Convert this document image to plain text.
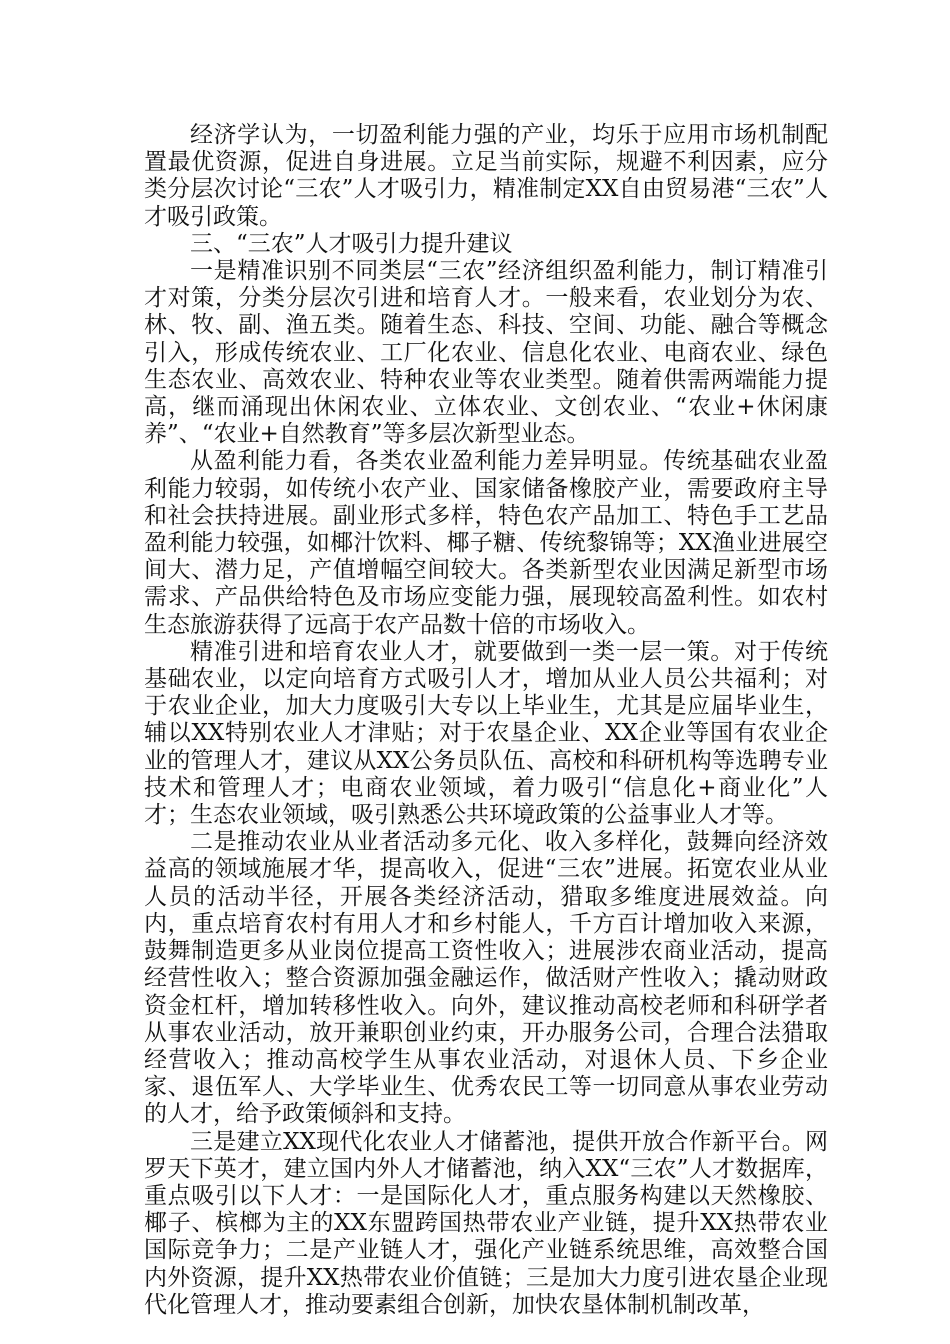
经济学认为，一切盈利能力强的产业，均乐于应用市场机制配置最优资源，促进自身进展。立足当前实际，规避不利因素，应分类分层次讨论“三农”人才吸引力，精准制定XX自由贸易港“三农”人才吸引政策。

三、“三农”人才吸引力提升建议

一是精准识别不同类层“三农”经济组织盈利能力，制订精准引才对策，分类分层次引进和培育人才。一般来看，农业划分为农、林、牧、副、渔五类。随着生态、科技、空间、功能、融合等概念引入，形成传统农业、工厂化农业、信息化农业、电商农业、绿色生态农业、高效农业、特种农业等农业类型。随着供需两端能力提高，继而涌现出休闲农业、立体农业、文创农业、“农业+休闲康养”、“农业+自然教育”等多层次新型业态。

从盈利能力看，各类农业盈利能力差异明显。传统基础农业盈利能力较弱，如传统小农产业、国家储备橡胶产业，需要政府主导和社会扶持进展。副业形式多样，特色农产品加工、特色手工艺品盈利能力较强，如椰汁饮料、椰子糖、传统黎锦等；XX渔业进展空间大、潜力足，产值增幅空间较大。各类新型农业因满足新型市场需求、产品供给特色及市场应变能力强，展现较高盈利性。如农村生态旅游获得了远高于农产品数十倍的市场收入。

精准引进和培育农业人才，就要做到一类一层一策。对于传统基础农业，以定向培育方式吸引人才，增加从业人员公共福利；对于农业企业，加大力度吸引大专以上毕业生，尤其是应届毕业生，辅以XX特别农业人才津贴；对于农垦企业、XX企业等国有农业企业的管理人才，建议从XX公务员队伍、高校和科研机构等选聘专业技术和管理人才；电商农业领域，着力吸引“信息化+商业化”人才；生态农业领域，吸引熟悉公共环境政策的公益事业人才等。

二是推动农业从业者活动多元化、收入多样化，鼓舞向经济效益高的领域施展才华，提高收入，促进“三农”进展。拓宽农业从业人员的活动半径，开展各类经济活动，猎取多维度进展效益。向内，重点培育农村有用人才和乡村能人，千方百计增加收入来源，鼓舞制造更多从业岗位提高工资性收入；进展涉农商业活动，提高经营性收入；整合资源加强金融运作，做活财产性收入；撬动财政资金杠杆，增加转移性收入。向外，建议推动高校老师和科研学者从事农业活动，放开兼职创业约束，开办服务公司，合理合法猎取经营收入；推动高校学生从事农业活动，对退休人员、下乡企业家、退伍军人、大学毕业生、优秀农民工等一切同意从事农业劳动的人才，给予政策倾斜和支持。

三是建立XX现代化农业人才储蓄池，提供开放合作新平台。网罗天下英才，建立国内外人才储蓄池，纳入XX“三农”人才数据库，重点吸引以下人才：一是国际化人才，重点服务构建以天然橡胶、椰子、槟榔为主的XX东盟跨国热带农业产业链，提升XX热带农业国际竞争力；二是产业链人才，强化产业链系统思维，高效整合国内外资源，提升XX热带农业价值链；三是加大力度引进农垦企业现代化管理人才，推动要素组合创新，加快农垦体制机制改革，
